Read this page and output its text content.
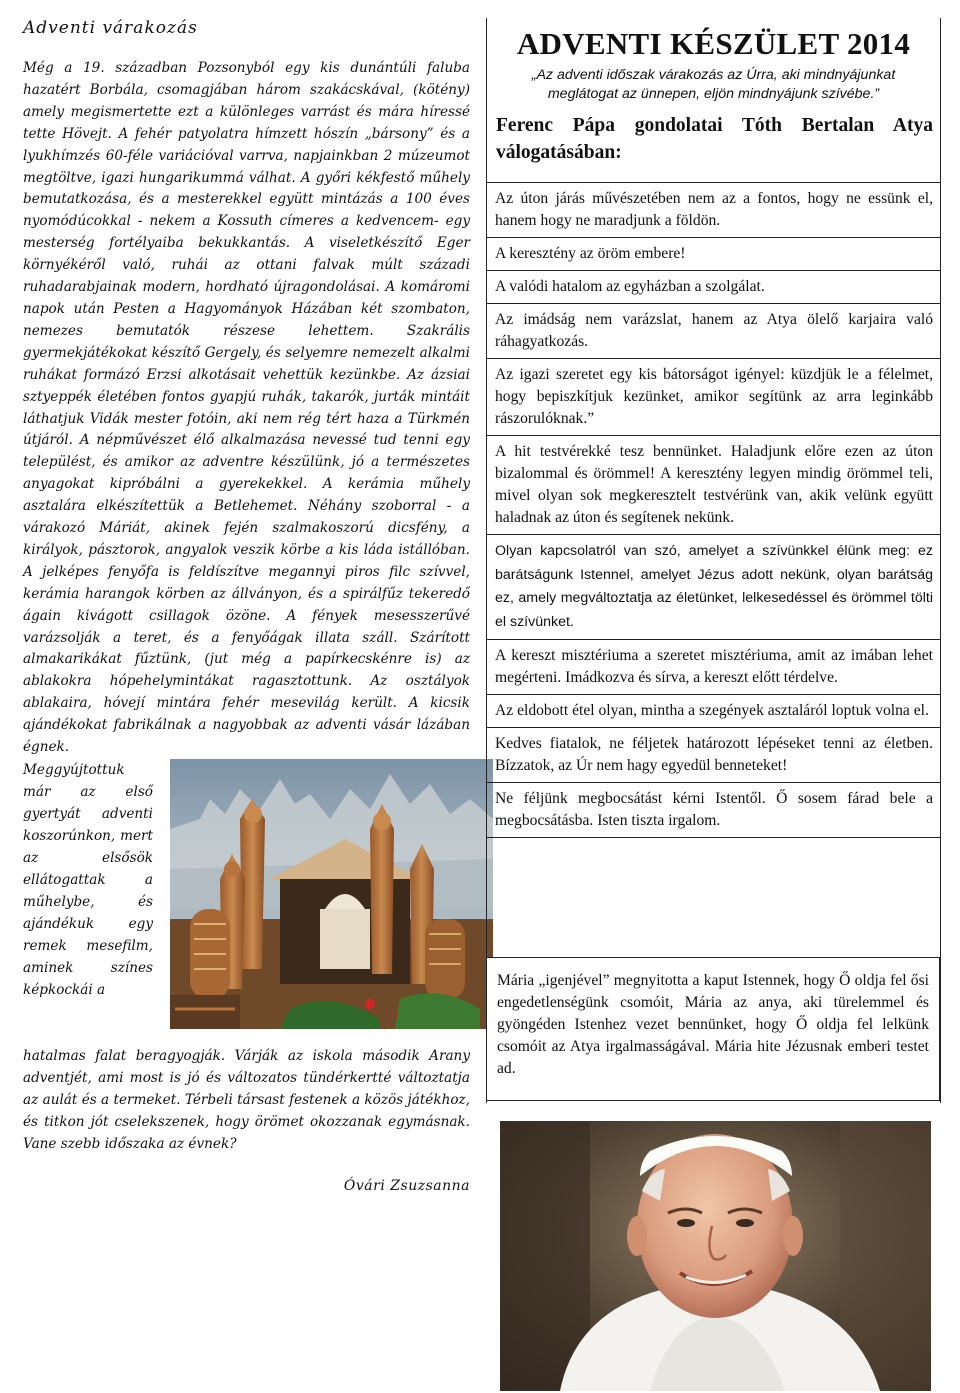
Adventi várakozás

Még a 19. században Pozsonyból egy kis dunántúli faluba hazatért Borbála, csomagjában három szakácskával, (kötény) amely megismertette ezt a különleges varrást és mára híressé tette Hövejt. A fehér patyolatra hímzett hószín „bársony” és a lyukhímzés 60-féle variációval varrva, napjainkban 2 múzeumot megtöltve, igazi hungarikummá válhat. A győri kékfestő műhely bemutatkozása, és a mesterekkel együtt mintázás a 100 éves nyomódúcokkal - nekem a Kossuth címeres a kedvencem- egy mesterség fortélyaiba bekukkantás. A viseletkészítő Eger környékéről való, ruhái az ottani falvak múlt századi ruhadarabjainak modern, hordható újragondolásai. A komáromi napok után Pesten a Hagyományok Házában két szombaton, nemezes bemutatók részese lehettem. Szakrális gyermekjátékokat készítő Gergely, és selyemre nemezelt alkalmi ruhákat formázó Erzsi alkotásait vehettük kezünkbe. Az ázsiai sztyeppék életében fontos gyapjú ruhák, takarók, jurták mintáit láthatjuk Vidák mester fotóin, aki nem rég tért haza a Türkmén útjáról. A népművészet élő alkalmazása nevessé tud tenni egy települést, és amikor az adventre készülünk, jó a természetes anyagokat kipróbálni a gyerekekkel. A kerámia műhely asztalára elkészítettük a Betlehemet. Néhány szoborral - a várakozó Máriát, akinek fején szalmakoszorú dicsfény, a királyok, pásztorok, angyalok veszik körbe a kis láda istállóban. A jelképes fenyőfa is feldíszítve megannyi piros filc szívvel, kerámia harangok körben az állványon, és a spirálfűz tekeredő ágain kivágott csillagok özöne. A fények mesesszerűvé varázsolják a teret, és a fenyőágak illata száll. Szárított almakarikákat fűztünk, (jut még a papírkecskénre is) az ablakokra hópehelymintákat ragasztottunk. Az osztályok ablakaira, hóvejí mintára fehér mesevilág került. A kicsik ajándékokat fabrikálnak a nagyobbak az adventi vásár lázában égnek.

Meggyújtottuk már az első gyertyát adventi koszorúnkon, mert az elsősök ellátogattak a műhelybe, és ajándékuk egy remek mesefilm, aminek színes képkockái a

hatalmas falat beragyogják. Várják az iskola második Arany adventjét, ami most is jó és változatos tündérkertté változtatja az aulát és a termeket. Térbeli társast festenek a közös játékhoz, és titkon jót cselekszenek, hogy örömet okozzanak egymásnak. Vane szebb időszaka az évnek?

Óvári Zsuzsanna

ADVENTI KÉSZÜLET 2014

„Az adventi időszak várakozás az Úrra, aki mindnyájunkat meglátogat az ünnepen, eljön mindnyájunk szívébe.”

Ferenc Pápa gondolatai Tóth Bertalan Atya válogatásában:

Az úton járás művészetében nem az a fontos, hogy ne essünk el, hanem hogy ne maradjunk a földön.
A keresztény az öröm embere!
A valódi hatalom az egyházban a szolgálat.
Az imádság nem varázslat, hanem az Atya ölelő karjaira való ráhagyatkozás.
Az igazi szeretet egy kis bátorságot igényel: küzdjük le a félelmet, hogy bepiszkítjuk kezünket, amikor segítünk az arra leginkább rászorulóknak.”
A hit testvérekké tesz bennünket. Haladjunk előre ezen az úton bizalommal és örömmel! A keresztény legyen mindig örömmel teli, mivel olyan sok megkeresztelt testvérünk van, akik velünk együtt haladnak az úton és segítenek nekünk.
Olyan kapcsolatról van szó, amelyet a szívünkkel élünk meg: ez barátságunk Istennel, amelyet Jézus adott nekünk, olyan barátság ez, amely megváltoztatja az életünket, lelkesedéssel és örömmel tölti el szívünket.
A kereszt misztériuma a szeretet misztériuma, amit az imában lehet megérteni. Imádkozva és sírva, a kereszt előtt térdelve.
Az eldobott étel olyan, mintha a szegények asztaláról loptuk volna el.
Kedves fiatalok, ne féljetek határozott lépéseket tenni az életben. Bízzatok, az Úr nem hagy egyedül benneteket!
Ne féljünk megbocsátást kérni Istentől. Ő sosem fárad bele a megbocsátásba. Isten tiszta irgalom.

Mária „igenjével” megnyitotta a kaput Istennek, hogy Ő oldja fel ősi engedetlenségünk csomóit, Mária az anya, aki türelemmel és gyöngéden Istenhez vezet bennünket, hogy Ő oldja fel lelkünk csomóit az Atya irgalmasságával. Mária hite Jézusnak emberi testet ad.
